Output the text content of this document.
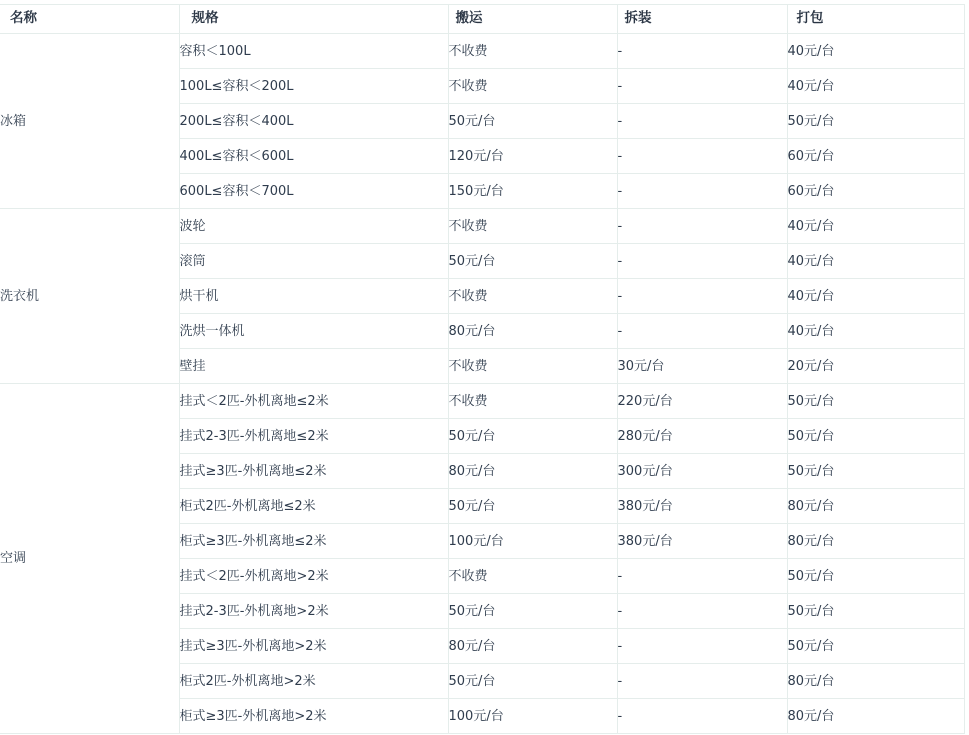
名称	规格	搬运	拆装	打包
冰箱	容积＜100L	不收费	-	40元/台
	100L≤容积＜200L	不收费	-	40元/台
	200L≤容积＜400L	50元/台	-	50元/台
	400L≤容积＜600L	120元/台	-	60元/台
	600L≤容积＜700L	150元/台	-	60元/台
洗衣机	波轮	不收费	-	40元/台
	滚筒	50元/台	-	40元/台
	烘干机	不收费	-	40元/台
	洗烘一体机	80元/台	-	40元/台
	壁挂	不收费	30元/台	20元/台
空调	挂式＜2匹-外机离地≤2米	不收费	220元/台	50元/台
	挂式2-3匹-外机离地≤2米	50元/台	280元/台	50元/台
	挂式≥3匹-外机离地≤2米	80元/台	300元/台	50元/台
	柜式2匹-外机离地≤2米	50元/台	380元/台	80元/台
	柜式≥3匹-外机离地≤2米	100元/台	380元/台	80元/台
	挂式＜2匹-外机离地>2米	不收费	-	50元/台
	挂式2-3匹-外机离地>2米	50元/台	-	50元/台
	挂式≥3匹-外机离地>2米	80元/台	-	50元/台
	柜式2匹-外机离地>2米	50元/台	-	80元/台
	柜式≥3匹-外机离地>2米	100元/台	-	80元/台
